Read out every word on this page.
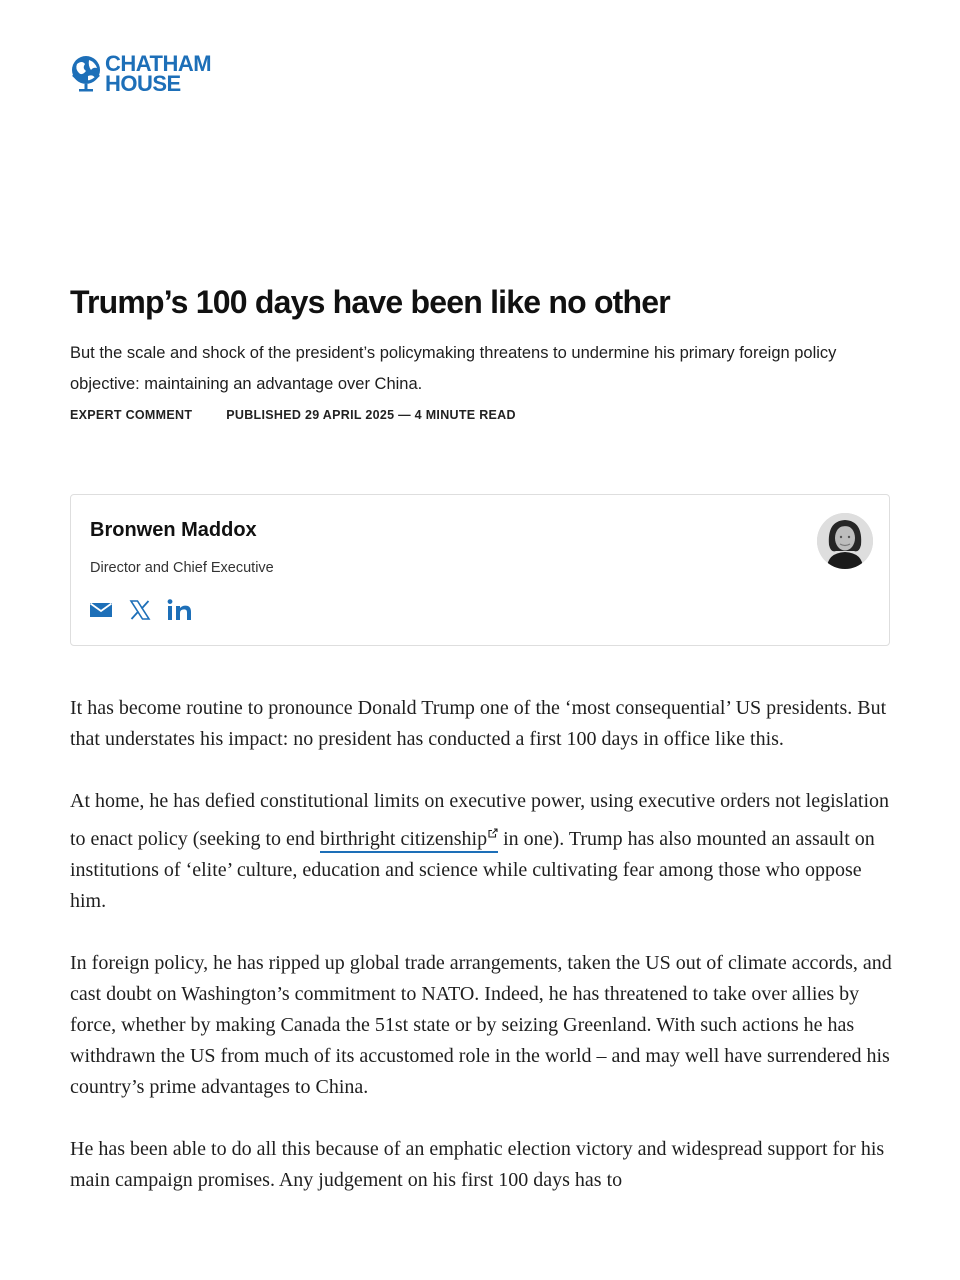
CHATHAM
HOUSE
Trump’s 100 days have been like no other

But the scale and shock of the president’s policymaking threatens to undermine his primary foreign policy objective: maintaining an advantage over China.

EXPERT COMMENT	PUBLISHED 29 APRIL 2025 — 4 MINUTE READ
Bronwen Maddox
Director and Chief Executive

It has become routine to pronounce Donald Trump one of the ‘most consequential’ US presidents. But that understates his impact: no president has conducted a first 100 days in office like this.

At home, he has defied constitutional limits on executive power, using executive orders not legislation to enact policy (seeking to end birthright citizenship in one). Trump has also mounted an assault on institutions of ‘elite’ culture, education and science while cultivating fear among those who oppose him.

In foreign policy, he has ripped up global trade arrangements, taken the US out of climate accords, and cast doubt on Washington’s commitment to NATO. Indeed, he has threatened to take over allies by force, whether by making Canada the 51st state or by seizing Greenland. With such actions he has withdrawn the US from much of its accustomed role in the world – and may well have surrendered his country’s prime advantages to China.

He has been able to do all this because of an emphatic election victory and widespread support for his main campaign promises. Any judgement on his first 100 days has to
